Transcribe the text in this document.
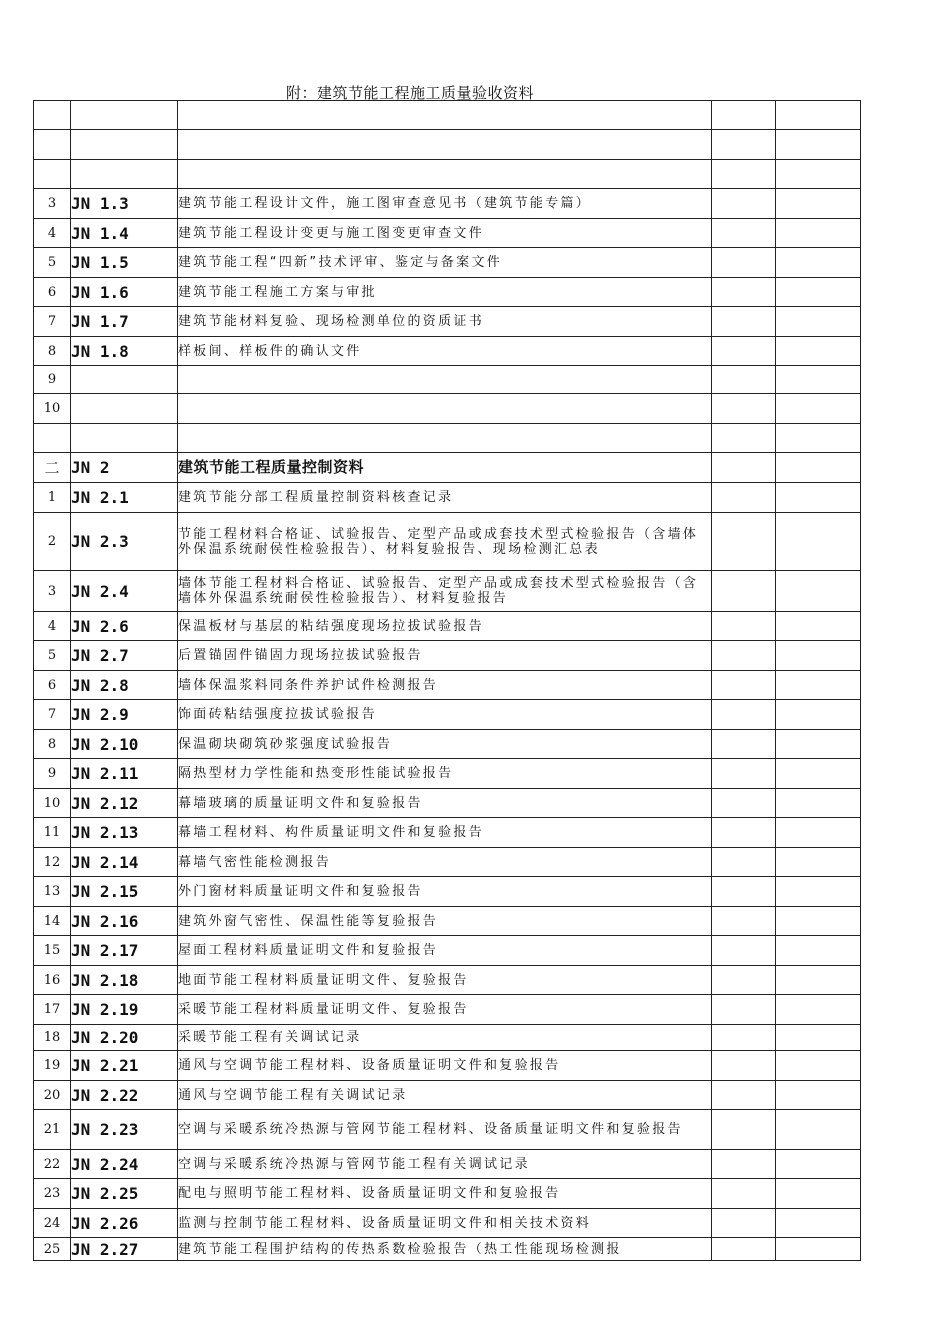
附：建筑节能工程施工质量验收资料

3	JN 1.3	建筑节能工程设计文件，施工图审查意见书（建筑节能专篇）		
4	JN 1.4	建筑节能工程设计变更与施工图变更审查文件		
5	JN 1.5	建筑节能工程“四新”技术评审、鉴定与备案文件		
6	JN 1.6	建筑节能工程施工方案与审批		
7	JN 1.7	建筑节能材料复验、现场检测单位的资质证书		
8	JN 1.8	样板间、样板件的确认文件		
9				
10				

二	JN 2	建筑节能工程质量控制资料		
1	JN 2.1	建筑节能分部工程质量控制资料核查记录		
2	JN 2.3	节能工程材料合格证、试验报告、定型产品或成套技术型式检验报告（含墙体外保温系统耐侯性检验报告）、材料复验报告、现场检测汇总表		
3	JN 2.4	墙体节能工程材料合格证、试验报告、定型产品或成套技术型式检验报告（含墙体外保温系统耐侯性检验报告）、材料复验报告		
4	JN 2.6	保温板材与基层的粘结强度现场拉拔试验报告		
5	JN 2.7	后置锚固件锚固力现场拉拔试验报告		
6	JN 2.8	墙体保温浆料同条件养护试件检测报告		
7	JN 2.9	饰面砖粘结强度拉拔试验报告		
8	JN 2.10	保温砌块砌筑砂浆强度试验报告		
9	JN 2.11	隔热型材力学性能和热变形性能试验报告		
10	JN 2.12	幕墙玻璃的质量证明文件和复验报告		
11	JN 2.13	幕墙工程材料、构件质量证明文件和复验报告		
12	JN 2.14	幕墙气密性能检测报告		
13	JN 2.15	外门窗材料质量证明文件和复验报告		
14	JN 2.16	建筑外窗气密性、保温性能等复验报告		
15	JN 2.17	屋面工程材料质量证明文件和复验报告		
16	JN 2.18	地面节能工程材料质量证明文件、复验报告		
17	JN 2.19	采暖节能工程材料质量证明文件、复验报告		
18	JN 2.20	采暖节能工程有关调试记录		
19	JN 2.21	通风与空调节能工程材料、设备质量证明文件和复验报告		
20	JN 2.22	通风与空调节能工程有关调试记录		
21	JN 2.23	空调与采暖系统冷热源与管网节能工程材料、设备质量证明文件和复验报告		
22	JN 2.24	空调与采暖系统冷热源与管网节能工程有关调试记录		
23	JN 2.25	配电与照明节能工程材料、设备质量证明文件和复验报告		
24	JN 2.26	监测与控制节能工程材料、设备质量证明文件和相关技术资料		
25	JN 2.27	建筑节能工程围护结构的传热系数检验报告（热工性能现场检测报		
